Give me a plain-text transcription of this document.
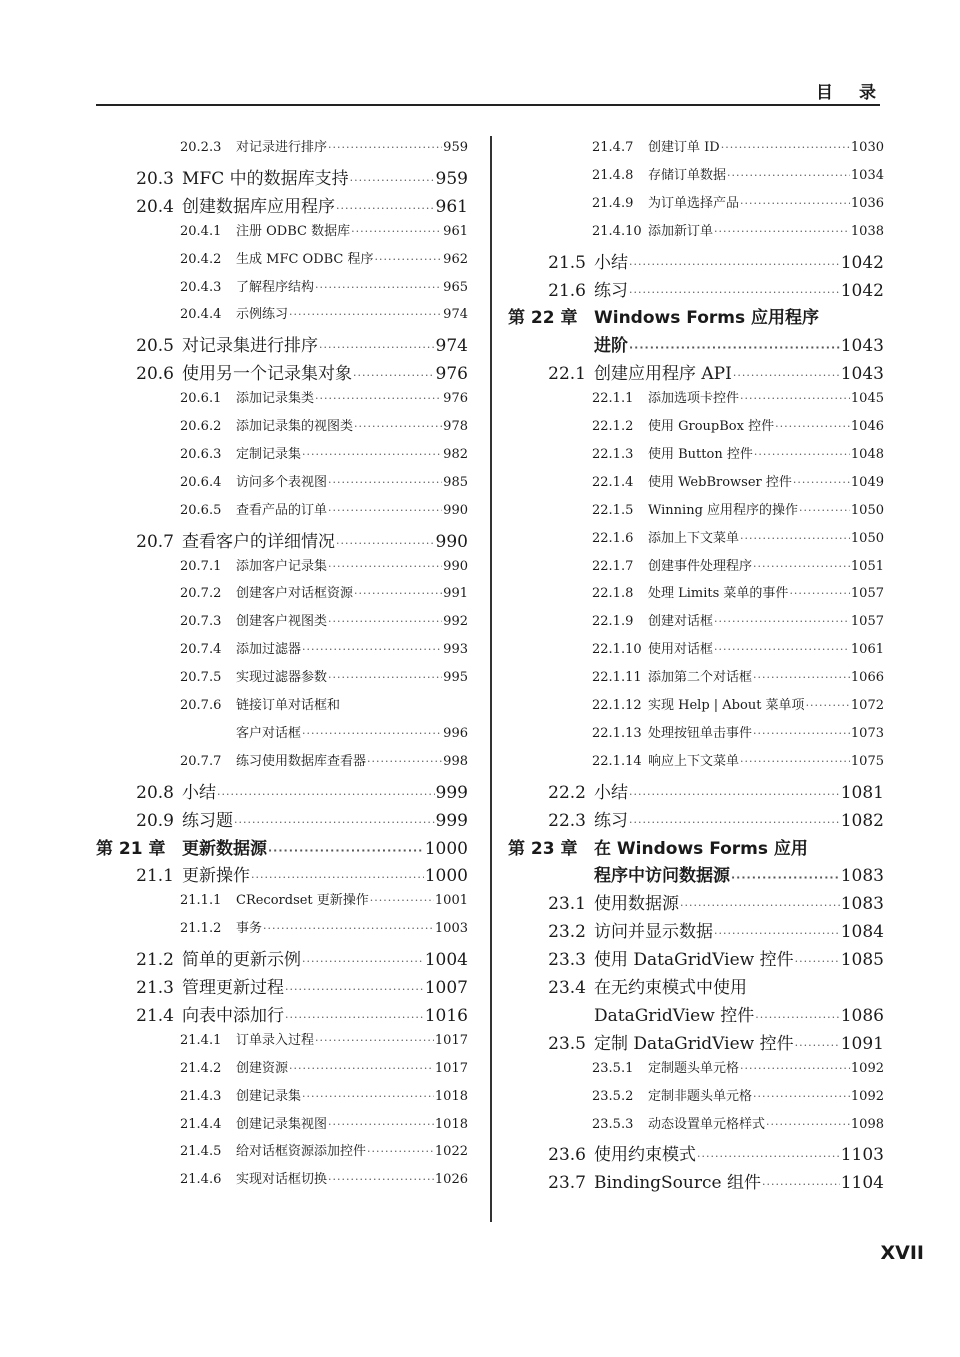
目录
20.2.3	对记录进行排序 ·····	959
20.3 MFC 中的数据库支持 ·····	959
20.4 创建数据库应用程序 ·····	961
20.4.1	注册 ODBC 数据库 ·····	961
20.4.2	生成 MFC ODBC 程序 ·····	962
20.4.3	了解程序结构 ·····	965
20.4.4	示例练习 ·····	974
20.5 对记录集进行排序 ·····	974
20.6 使用另一个记录集对象 ·····	976
20.6.1	添加记录集类 ·····	976
20.6.2	添加记录集的视图类 ·····	978
20.6.3	定制记录集 ·····	982
20.6.4	访问多个表视图 ·····	985
20.6.5	查看产品的订单 ·····	990
20.7 查看客户的详细情况 ·····	990
20.7.1	添加客户记录集 ·····	990
20.7.2	创建客户对话框资源 ·····	991
20.7.3	创建客户视图类 ·····	992
20.7.4	添加过滤器 ·····	993
20.7.5	实现过滤器参数 ·····	995
20.7.6	链接订单对话框和
客户对话框 ·····	996
20.7.7	练习使用数据库查看器 ·····	998
20.8 小结 ·····	999
20.9 练习题 ·····	999
第 21 章 更新数据源 ·····	1000
21.1 更新操作 ·····	1000
21.1.1	CRecordset 更新操作 ·····	1001
21.1.2	事务 ·····	1003
21.2 简单的更新示例 ·····	1004
21.3 管理更新过程 ·····	1007
21.4 向表中添加行 ·····	1016
21.4.1	订单录入过程 ·····	1017
21.4.2	创建资源 ·····	1017
21.4.3	创建记录集 ·····	1018
21.4.4	创建记录集视图 ·····	1018
21.4.5	给对话框资源添加控件 ·····	1022
21.4.6	实现对话框切换 ·····	1026
21.4.7	创建订单 ID ·····	1030
21.4.8	存储订单数据 ·····	1034
21.4.9	为订单选择产品 ·····	1036
21.4.10 添加新订单 ·····	1038
21.5 小结 ·····	1042
21.6 练习 ·····	1042
第 22 章 Windows Forms 应用程序
进阶 ·····	1043
22.1 创建应用程序 API ·····	1043
22.1.1	添加选项卡控件 ·····	1045
22.1.2	使用 GroupBox 控件 ·····	1046
22.1.3	使用 Button 控件 ·····	1048
22.1.4	使用 WebBrowser 控件 ·····	1049
22.1.5	Winning 应用程序的操作 ·····	1050
22.1.6	添加上下文菜单 ·····	1050
22.1.7	创建事件处理程序 ·····	1051
22.1.8	处理 Limits 菜单的事件 ·····	1057
22.1.9	创建对话框 ·····	1057
22.1.10 使用对话框 ·····	1061
22.1.11 添加第二个对话框 ·····	1066
22.1.12 实现 Help | About 菜单项 ·····	1072
22.1.13 处理按钮单击事件 ·····	1073
22.1.14 响应上下文菜单 ·····	1075
22.2 小结 ·····	1081
22.3 练习 ·····	1082
第 23 章 在 Windows Forms 应用
程序中访问数据源 ·····	1083
23.1 使用数据源 ·····	1083
23.2 访问并显示数据 ·····	1084
23.3 使用 DataGridView 控件 ·····	1085
23.4 在无约束模式中使用
DataGridView 控件 ·····	1086
23.5 定制 DataGridView 控件 ·····	1091
23.5.1	定制题头单元格 ·····	1092
23.5.2	定制非题头单元格 ·····	1092
23.5.3	动态设置单元格样式 ·····	1098
23.6 使用约束模式 ·····	1103
23.7 BindingSource 组件 ·····	1104
XVII
